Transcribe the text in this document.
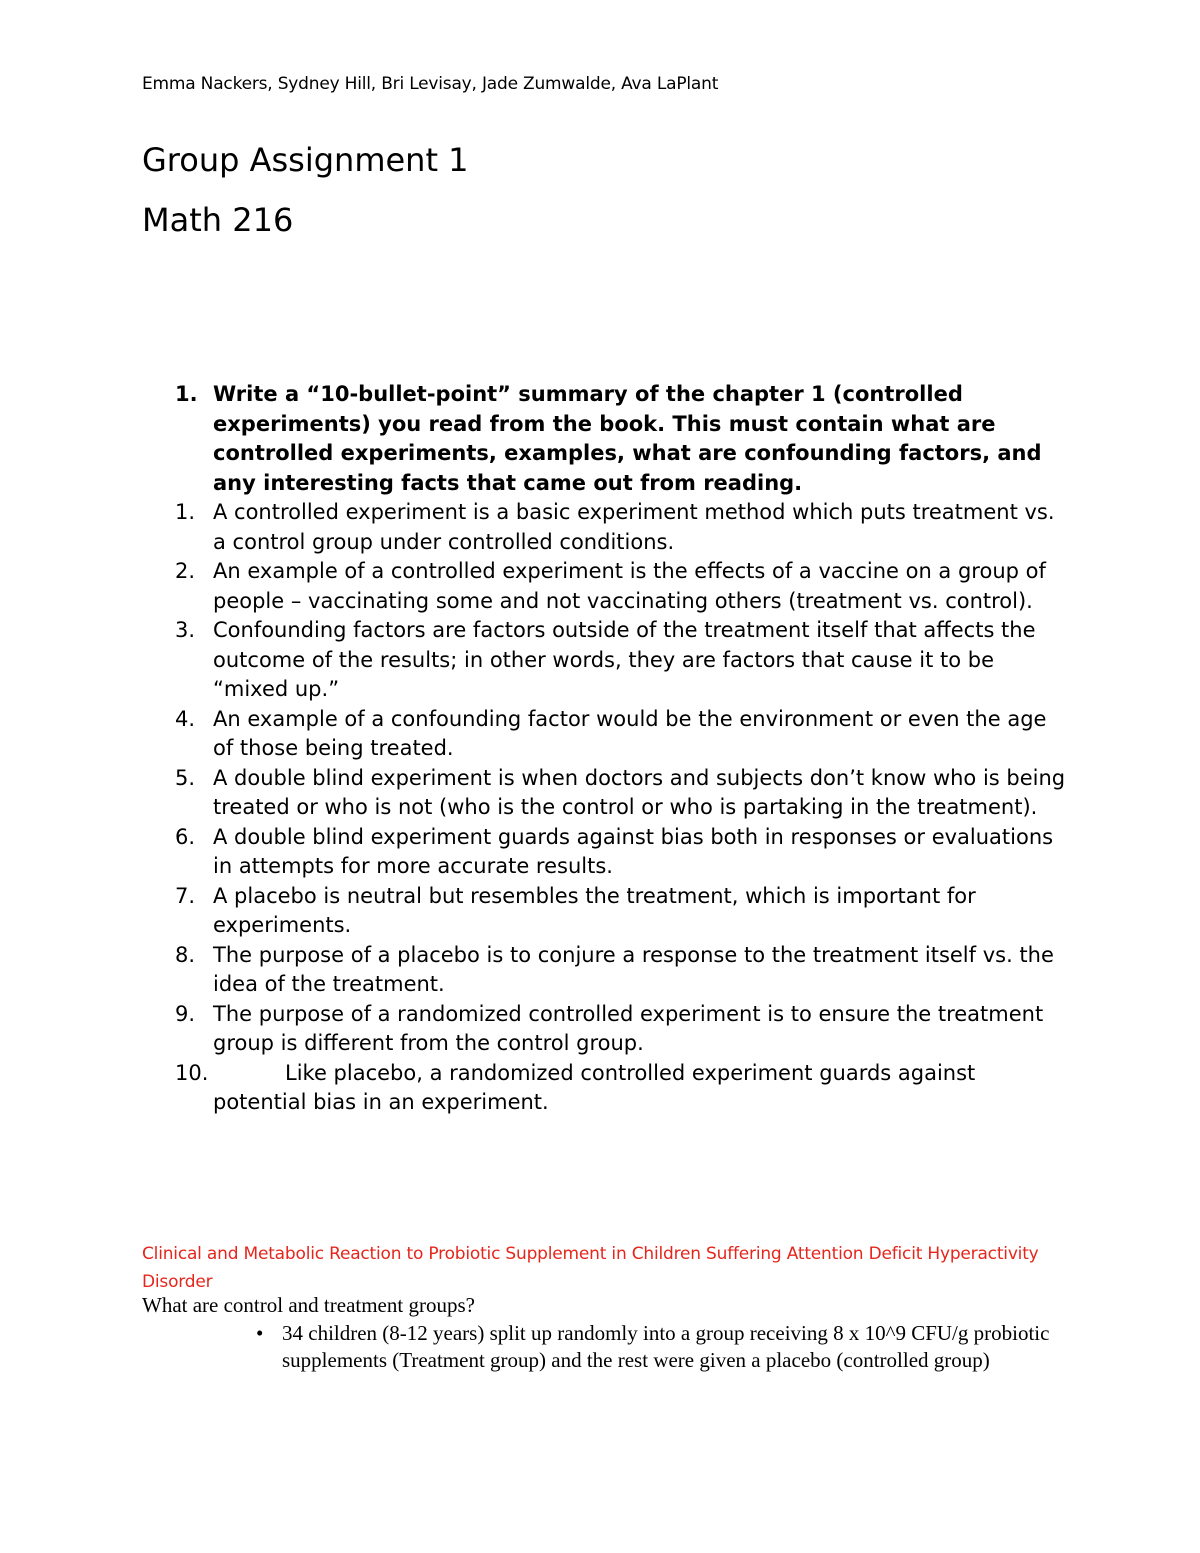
Emma Nackers, Sydney Hill, Bri Levisay, Jade Zumwalde, Ava LaPlant
Group Assignment 1
Math 216
1. Write a “10-bullet-point” summary of the chapter 1 (controlled experiments) you read from the book. This must contain what are controlled experiments, examples, what are confounding factors, and any interesting facts that came out from reading.
1. A controlled experiment is a basic experiment method which puts treatment vs. a control group under controlled conditions.
2. An example of a controlled experiment is the effects of a vaccine on a group of people – vaccinating some and not vaccinating others (treatment vs. control).
3. Confounding factors are factors outside of the treatment itself that affects the outcome of the results; in other words, they are factors that cause it to be “mixed up.”
4. An example of a confounding factor would be the environment or even the age of those being treated.
5. A double blind experiment is when doctors and subjects don’t know who is being treated or who is not (who is the control or who is partaking in the treatment).
6. A double blind experiment guards against bias both in responses or evaluations in attempts for more accurate results.
7. A placebo is neutral but resembles the treatment, which is important for experiments.
8. The purpose of a placebo is to conjure a response to the treatment itself vs. the idea of the treatment.
9. The purpose of a randomized controlled experiment is to ensure the treatment group is different from the control group.
10.	Like placebo, a randomized controlled experiment guards against potential bias in an experiment.
Clinical and Metabolic Reaction to Probiotic Supplement in Children Suffering Attention Deficit Hyperactivity Disorder
What are control and treatment groups?
• 34 children (8-12 years) split up randomly into a group receiving 8 x 10^9 CFU/g probiotic supplements (Treatment group) and the rest were given a placebo (controlled group)
